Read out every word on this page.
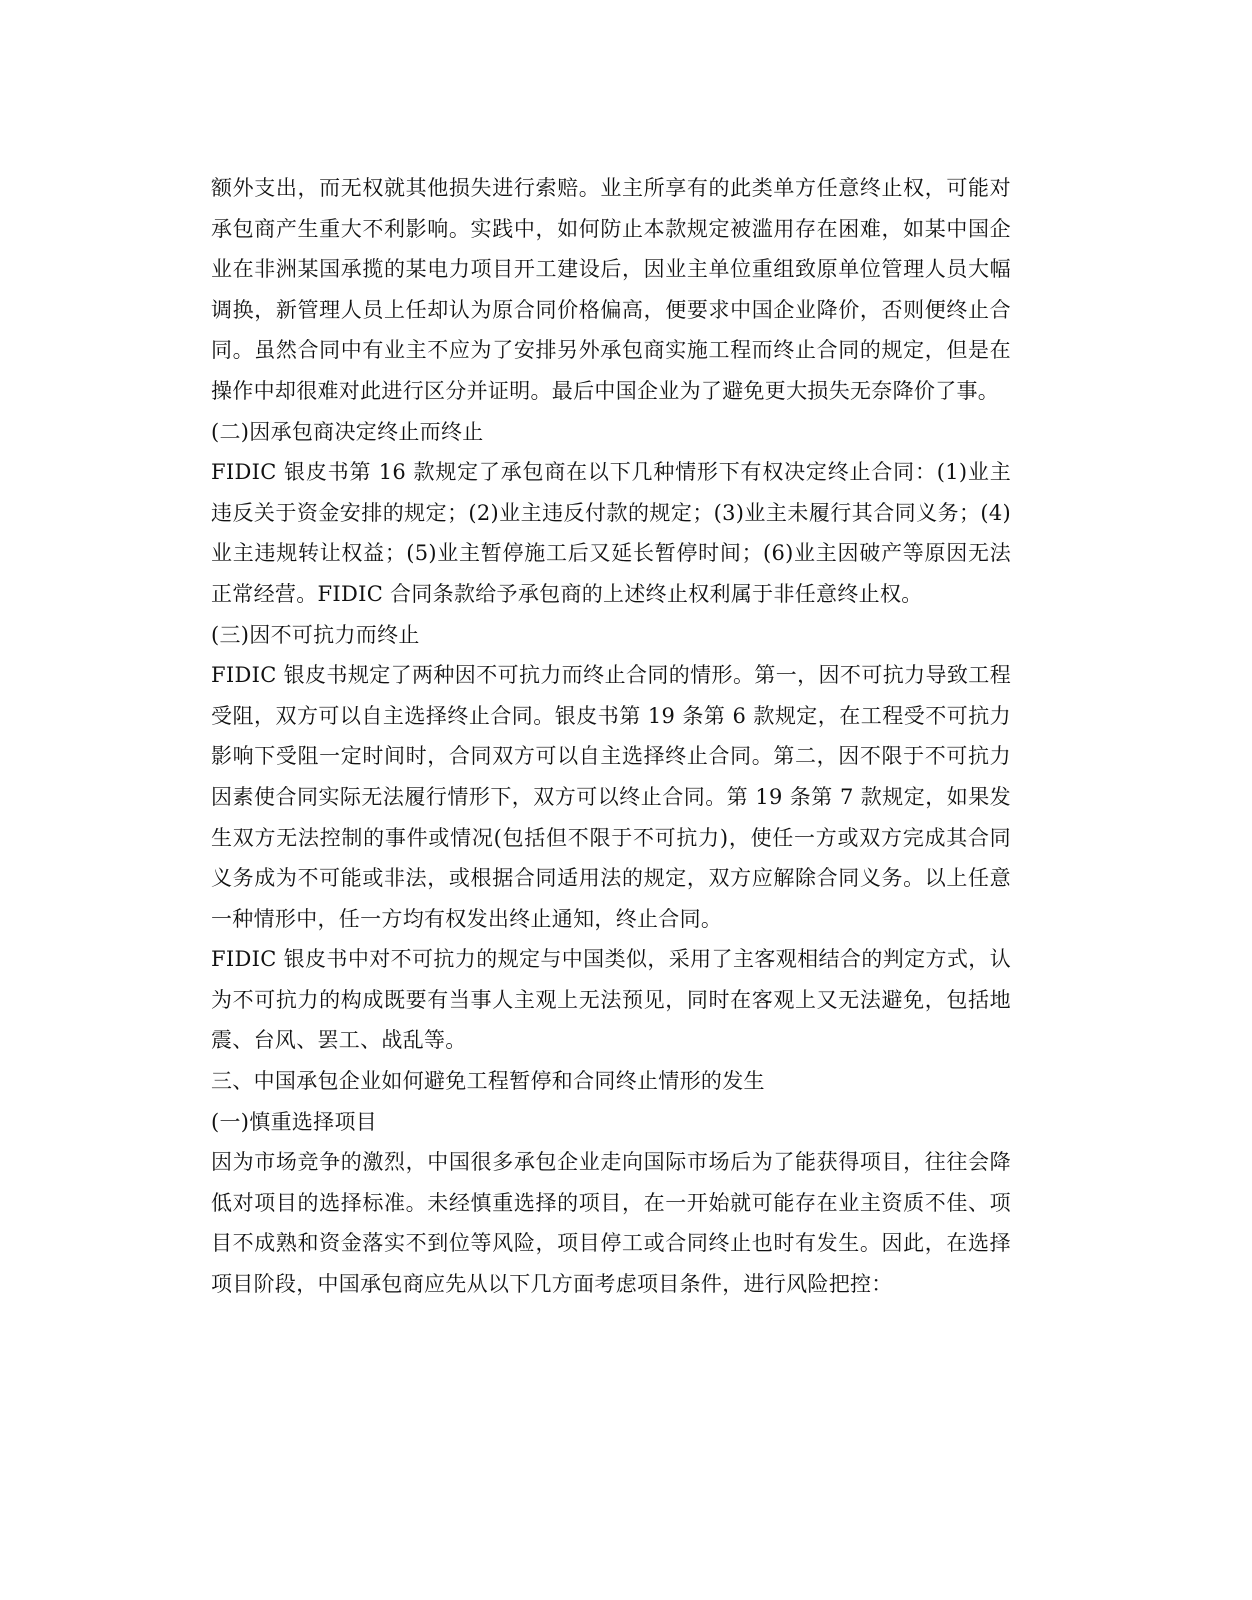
额外支出，而无权就其他损失进行索赔。业主所享有的此类单方任意终止权，可能对承包商产生重大不利影响。实践中，如何防止本款规定被滥用存在困难，如某中国企业在非洲某国承揽的某电力项目开工建设后，因业主单位重组致原单位管理人员大幅调换，新管理人员上任却认为原合同价格偏高，便要求中国企业降价，否则便终止合同。虽然合同中有业主不应为了安排另外承包商实施工程而终止合同的规定，但是在操作中却很难对此进行区分并证明。最后中国企业为了避免更大损失无奈降价了事。

(二)因承包商决定终止而终止

FIDIC 银皮书第 16 款规定了承包商在以下几种情形下有权决定终止合同：(1)业主违反关于资金安排的规定；(2)业主违反付款的规定；(3)业主未履行其合同义务；(4)业主违规转让权益；(5)业主暂停施工后又延长暂停时间；(6)业主因破产等原因无法正常经营。FIDIC 合同条款给予承包商的上述终止权利属于非任意终止权。

(三)因不可抗力而终止

FIDIC 银皮书规定了两种因不可抗力而终止合同的情形。第一，因不可抗力导致工程受阻，双方可以自主选择终止合同。银皮书第 19 条第 6 款规定，在工程受不可抗力影响下受阻一定时间时，合同双方可以自主选择终止合同。第二，因不限于不可抗力因素使合同实际无法履行情形下，双方可以终止合同。第 19 条第 7 款规定，如果发生双方无法控制的事件或情况(包括但不限于不可抗力)，使任一方或双方完成其合同义务成为不可能或非法，或根据合同适用法的规定，双方应解除合同义务。以上任意一种情形中，任一方均有权发出终止通知，终止合同。

FIDIC 银皮书中对不可抗力的规定与中国类似，采用了主客观相结合的判定方式，认为不可抗力的构成既要有当事人主观上无法预见，同时在客观上又无法避免，包括地震、台风、罢工、战乱等。

三、中国承包企业如何避免工程暂停和合同终止情形的发生

(一)慎重选择项目

因为市场竞争的激烈，中国很多承包企业走向国际市场后为了能获得项目，往往会降低对项目的选择标准。未经慎重选择的项目，在一开始就可能存在业主资质不佳、项目不成熟和资金落实不到位等风险，项目停工或合同终止也时有发生。因此，在选择项目阶段，中国承包商应先从以下几方面考虑项目条件，进行风险把控：
